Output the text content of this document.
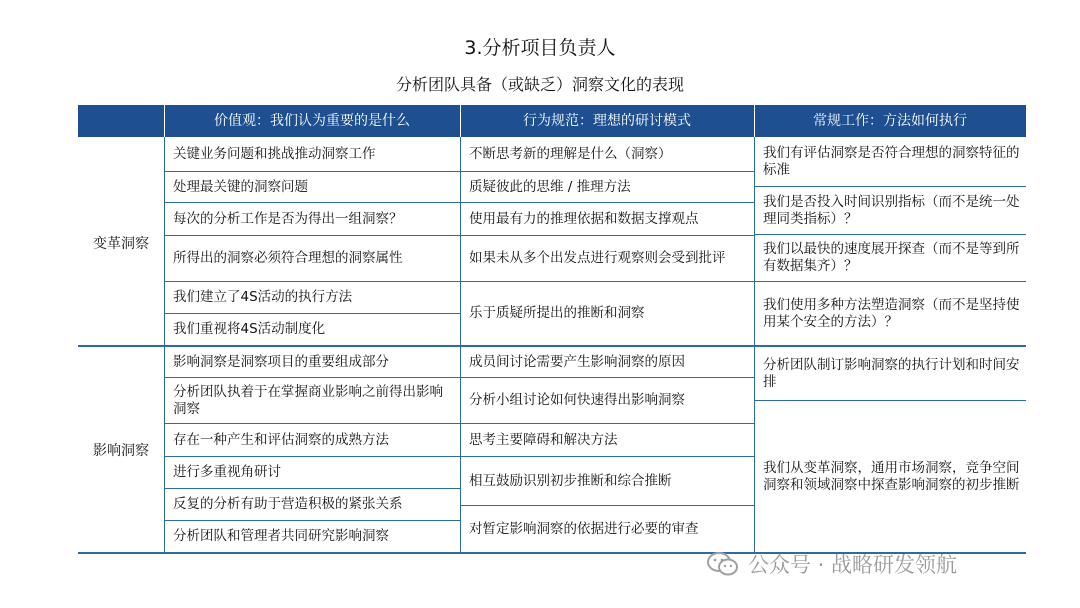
3.分析项目负责人
分析团队具备（或缺乏）洞察文化的表现
价值观：我们认为重要的是什么	行为规范：理想的研讨模式	常规工作：方法如何执行
变革洞察
影响洞察
关键业务问题和挑战推动洞察工作
处理最关键的洞察问题
每次的分析工作是否为得出一组洞察？
所得出的洞察必须符合理想的洞察属性
我们建立了4S活动的执行方法
我们重视将4S活动制度化
影响洞察是洞察项目的重要组成部分
分析团队执着于在掌握商业影响之前得出影响洞察
存在一种产生和评估洞察的成熟方法
进行多重视角研讨
反复的分析有助于营造积极的紧张关系
分析团队和管理者共同研究影响洞察
不断思考新的理解是什么（洞察）
质疑彼此的思维 / 推理方法
使用最有力的推理依据和数据支撑观点
如果未从多个出发点进行观察则会受到批评
乐于质疑所提出的推断和洞察
成员间讨论需要产生影响洞察的原因
分析小组讨论如何快速得出影响洞察
思考主要障碍和解决方法
相互鼓励识别初步推断和综合推断
对暂定影响洞察的依据进行必要的审查
我们有评估洞察是否符合理想的洞察特征的标准
我们是否投入时间识别指标（而不是统一处理同类指标）？
我们以最快的速度展开探查（而不是等到所有数据集齐）？
我们使用多种方法塑造洞察（而不是坚持使用某个安全的方法）？
分析团队制订影响洞察的执行计划和时间安排
我们从变革洞察，通用市场洞察，竞争空间洞察和领域洞察中探查影响洞察的初步推断
公众号 · 战略研发领航
